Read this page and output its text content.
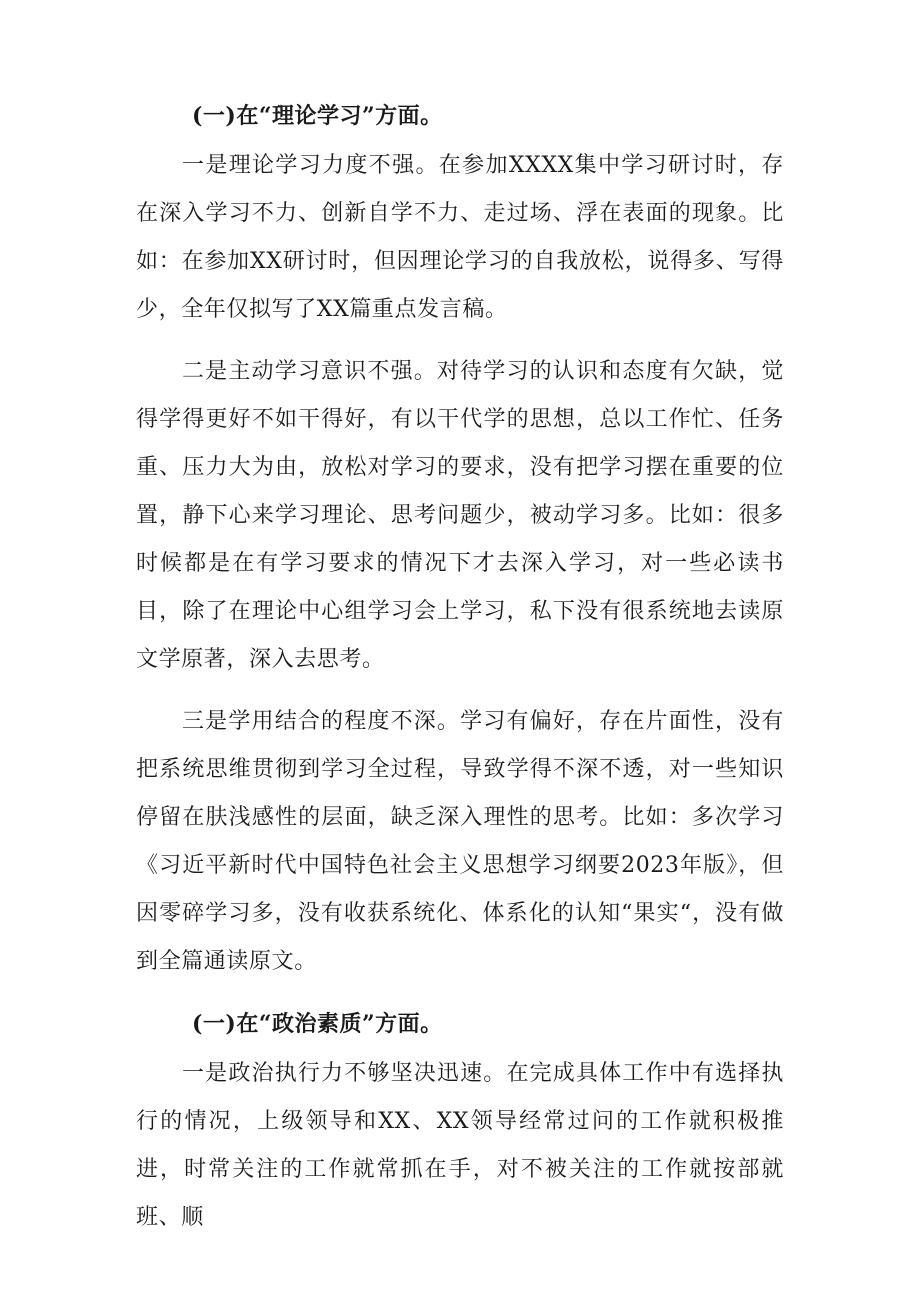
(一)在“理论学习”方面。

一是理论学习力度不强。在参加XXXX集中学习研讨时，存在深入学习不力、创新自学不力、走过场、浮在表面的现象。比如：在参加XX研讨时，但因理论学习的自我放松，说得多、写得少，全年仅拟写了XX篇重点发言稿。

二是主动学习意识不强。对待学习的认识和态度有欠缺，觉得学得更好不如干得好，有以干代学的思想，总以工作忙、任务重、压力大为由，放松对学习的要求，没有把学习摆在重要的位置，静下心来学习理论、思考问题少，被动学习多。比如：很多时候都是在有学习要求的情况下才去深入学习，对一些必读书目，除了在理论中心组学习会上学习，私下没有很系统地去读原文学原著，深入去思考。

三是学用结合的程度不深。学习有偏好，存在片面性，没有把系统思维贯彻到学习全过程，导致学得不深不透，对一些知识停留在肤浅感性的层面，缺乏深入理性的思考。比如：多次学习《习近平新时代中国特色社会主义思想学习纲要2023年版》，但因零碎学习多，没有收获系统化、体系化的认知“果实“，没有做到全篇通读原文。

(一)在“政治素质”方面。

一是政治执行力不够坚决迅速。在完成具体工作中有选择执行的情况，上级领导和XX、XX领导经常过问的工作就积极推进，时常关注的工作就常抓在手，对不被关注的工作就按部就班、顺
